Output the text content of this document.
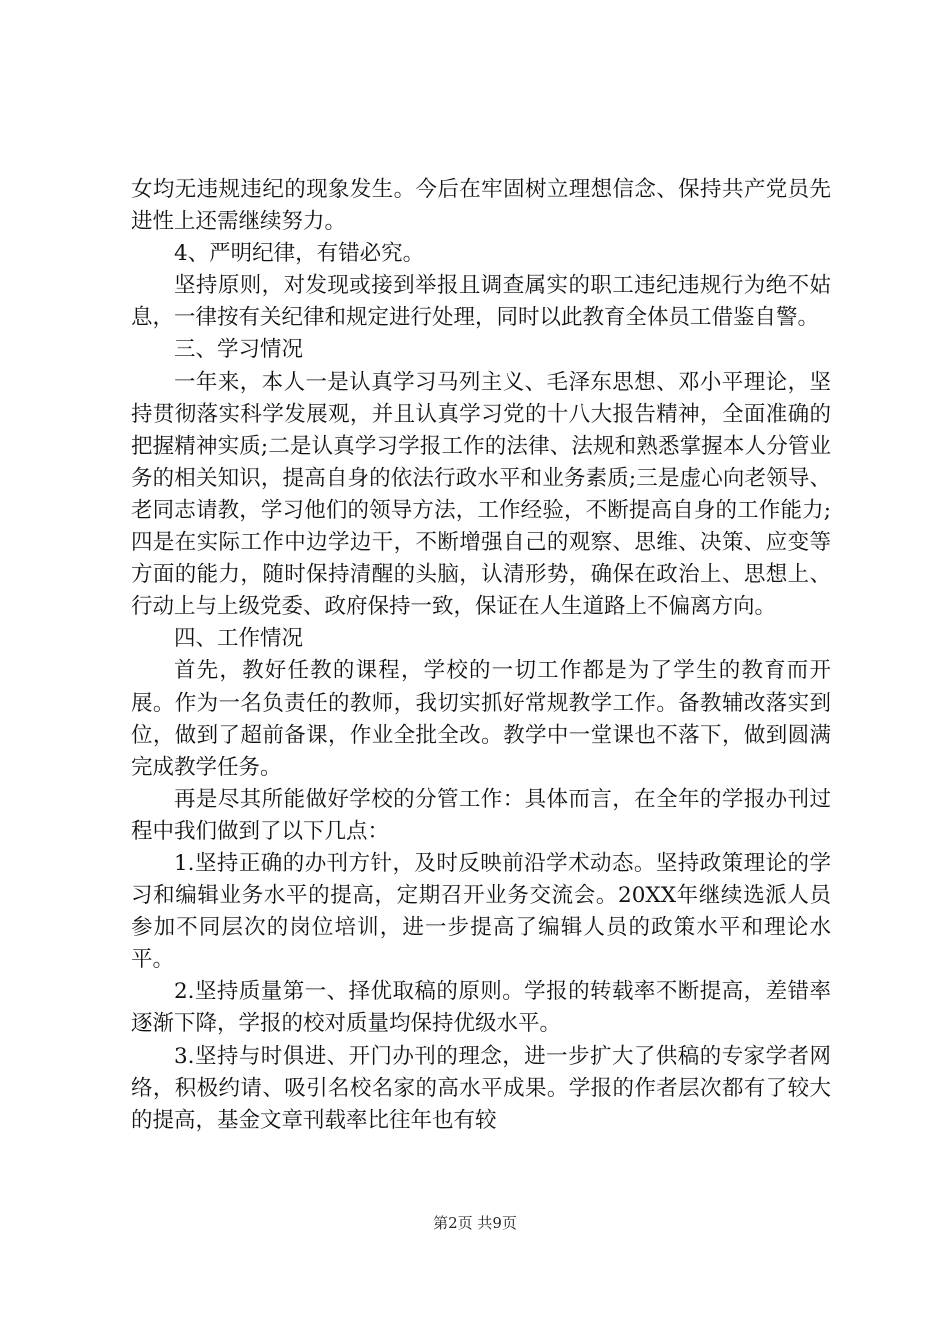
女均无违规违纪的现象发生。今后在牢固树立理想信念、保持共产党员先进性上还需继续努力。

4、严明纪律，有错必究。

坚持原则，对发现或接到举报且调查属实的职工违纪违规行为绝不姑息，一律按有关纪律和规定进行处理，同时以此教育全体员工借鉴自警。

三、学习情况

一年来，本人一是认真学习马列主义、毛泽东思想、邓小平理论，坚持贯彻落实科学发展观，并且认真学习党的十八大报告精神，全面准确的把握精神实质;二是认真学习学报工作的法律、法规和熟悉掌握本人分管业务的相关知识，提高自身的依法行政水平和业务素质;三是虚心向老领导、老同志请教，学习他们的领导方法，工作经验，不断提高自身的工作能力;四是在实际工作中边学边干，不断增强自己的观察、思维、决策、应变等方面的能力，随时保持清醒的头脑，认清形势，确保在政治上、思想上、行动上与上级党委、政府保持一致，保证在人生道路上不偏离方向。

四、工作情况

首先，教好任教的课程，学校的一切工作都是为了学生的教育而开展。作为一名负责任的教师，我切实抓好常规教学工作。备教辅改落实到位，做到了超前备课，作业全批全改。教学中一堂课也不落下，做到圆满完成教学任务。

再是尽其所能做好学校的分管工作：具体而言，在全年的学报办刊过程中我们做到了以下几点：

1.坚持正确的办刊方针，及时反映前沿学术动态。坚持政策理论的学习和编辑业务水平的提高，定期召开业务交流会。20XX年继续选派人员参加不同层次的岗位培训，进一步提高了编辑人员的政策水平和理论水平。

2.坚持质量第一、择优取稿的原则。学报的转载率不断提高，差错率逐渐下降，学报的校对质量均保持优级水平。

3.坚持与时俱进、开门办刊的理念，进一步扩大了供稿的专家学者网络，积极约请、吸引名校名家的高水平成果。学报的作者层次都有了较大的提高，基金文章刊载率比往年也有较

第2页 共9页
